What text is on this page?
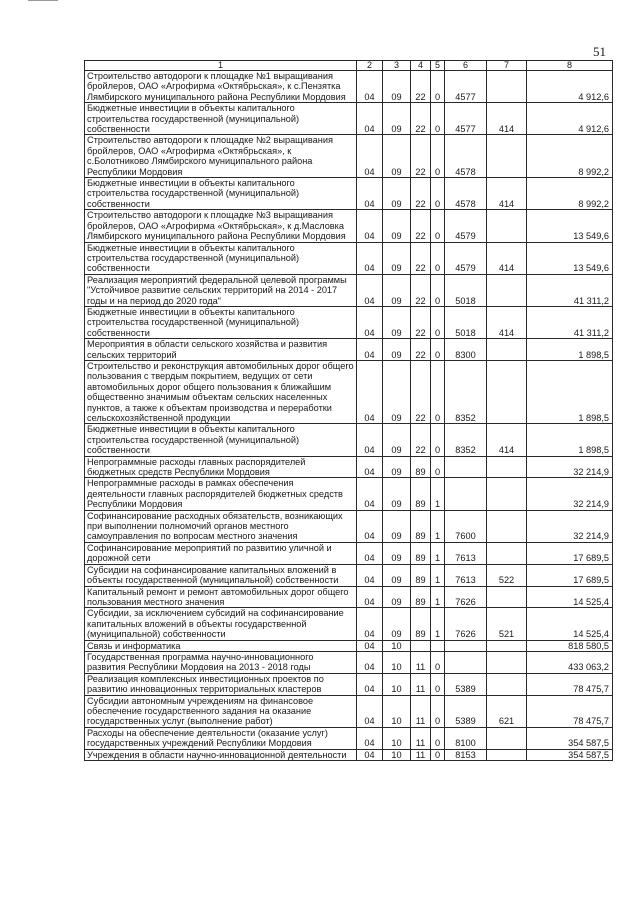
51
1	2	3	4	5	6	7	8
Строительство автодороги к площадке №1 выращивания бройлеров, ОАО «Агрофирма «Октябрьская», к с.Пензятка Лямбирского муниципального района Республики Мордовия	04	09	22	0	4577		4 912,6
Бюджетные инвестиции в объекты капитального строительства государственной (муниципальной) собственности	04	09	22	0	4577	414	4 912,6
Строительство автодороги к площадке №2 выращивания бройлеров, ОАО «Агрофирма «Октябрьская», к с.Болотниково Лямбирского муниципального района Республики Мордовия	04	09	22	0	4578		8 992,2
Бюджетные инвестиции в объекты капитального строительства государственной (муниципальной) собственности	04	09	22	0	4578	414	8 992,2
Строительство автодороги к площадке №3 выращивания бройлеров, ОАО «Агрофирма «Октябрьская», к д.Масловка Лямбирского муниципального района Республики Мордовия	04	09	22	0	4579		13 549,6
Бюджетные инвестиции в объекты капитального строительства государственной (муниципальной) собственности	04	09	22	0	4579	414	13 549,6
Реализация мероприятий федеральной целевой программы "Устойчивое развитие сельских территорий на 2014 - 2017 годы и на период до 2020 года"	04	09	22	0	5018		41 311,2
Бюджетные инвестиции в объекты капитального строительства государственной (муниципальной) собственности	04	09	22	0	5018	414	41 311,2
Мероприятия в области сельского хозяйства и развития сельских территорий	04	09	22	0	8300		1 898,5
Строительство и реконструкция автомобильных дорог общего пользования с твердым покрытием, ведущих от сети автомобильных дорог общего пользования к ближайшим общественно значимым объектам сельских населенных пунктов, а также к объектам производства и переработки сельскохозяйственной продукции	04	09	22	0	8352		1 898,5
Бюджетные инвестиции в объекты капитального строительства государственной (муниципальной) собственности	04	09	22	0	8352	414	1 898,5
Непрограммные расходы главных распорядителей бюджетных средств Республики Мордовия	04	09	89	0			32 214,9
Непрограммные расходы в рамках обеспечения деятельности главных распорядителей бюджетных средств Республики Мордовия	04	09	89	1			32 214,9
Софинансирование расходных обязательств, возникающих при выполнении полномочий органов местного самоуправления по вопросам местного значения	04	09	89	1	7600		32 214,9
Софинансирование мероприятий по развитию уличной и дорожной сети	04	09	89	1	7613		17 689,5
Субсидии на софинансирование капитальных вложений в объекты государственной (муниципальной) собственности	04	09	89	1	7613	522	17 689,5
Капитальный ремонт и ремонт автомобильных дорог общего пользования местного значения	04	09	89	1	7626		14 525,4
Субсидии, за исключением субсидий на софинансирование капитальных вложений в объекты государственной (муниципальной) собственности	04	09	89	1	7626	521	14 525,4
Связь и информатика	04	10					818 580,5
Государственная программа научно-инновационного развития Республики Мордовия на 2013 - 2018 годы	04	10	11	0			433 063,2
Реализация комплексных инвестиционных проектов по развитию инновационных территориальных кластеров	04	10	11	0	5389		78 475,7
Субсидии автономным учреждениям на финансовое обеспечение государственного задания на оказание государственных услуг (выполнение работ)	04	10	11	0	5389	621	78 475,7
Расходы на обеспечение деятельности (оказание услуг) государственных учреждений Республики Мордовия	04	10	11	0	8100		354 587,5
Учреждения в области научно-инновационной деятельности	04	10	11	0	8153		354 587,5
